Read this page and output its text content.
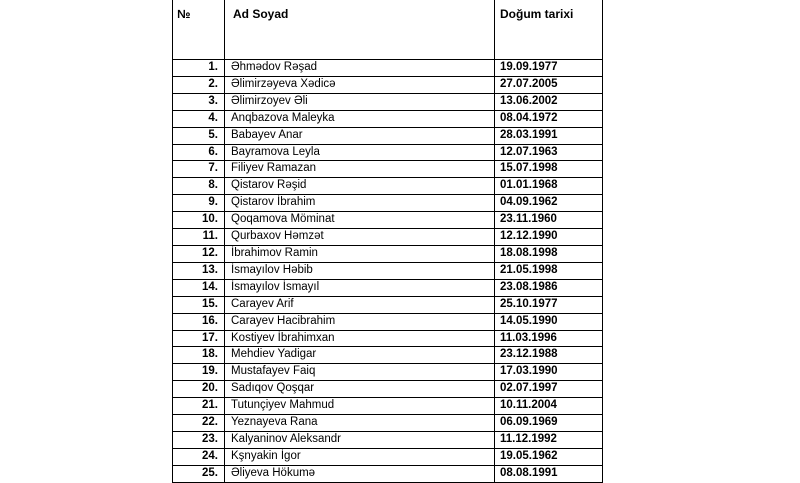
№	Ad Soyad	Doğum tarixi
1.	Əhmədov Rəşad	19.09.1977
2.	Əlimirzəyeva Xədicə	27.07.2005
3.	Əlimirzoyev Əli	13.06.2002
4.	Anqbazova Maleyka	08.04.1972
5.	Babayev Anar	28.03.1991
6.	Bayramova Leyla	12.07.1963
7.	Filiyev Ramazan	15.07.1998
8.	Qistarov Rəşid	01.01.1968
9.	Qistarov İbrahim	04.09.1962
10.	Qoqamova Möminat	23.11.1960
11.	Qurbaxov Həmzət	12.12.1990
12.	İbrahimov Ramin	18.08.1998
13.	İsmayılov Həbib	21.05.1998
14.	İsmayılov İsmayıl	23.08.1986
15.	Carayev Arif	25.10.1977
16.	Carayev Hacibrahim	14.05.1990
17.	Kostiyev İbrahimxan	11.03.1996
18.	Mehdiev Yadigar	23.12.1988
19.	Mustafayev Faiq	17.03.1990
20.	Sadıqov Qoşqar	02.07.1997
21.	Tutunçiyev Mahmud	10.11.2004
22.	Yeznayeva Rana	06.09.1969
23.	Kalyaninov Aleksandr	11.12.1992
24.	Kşnyakin İgor	19.05.1962
25.	Əliyeva Hökumə	08.08.1991
